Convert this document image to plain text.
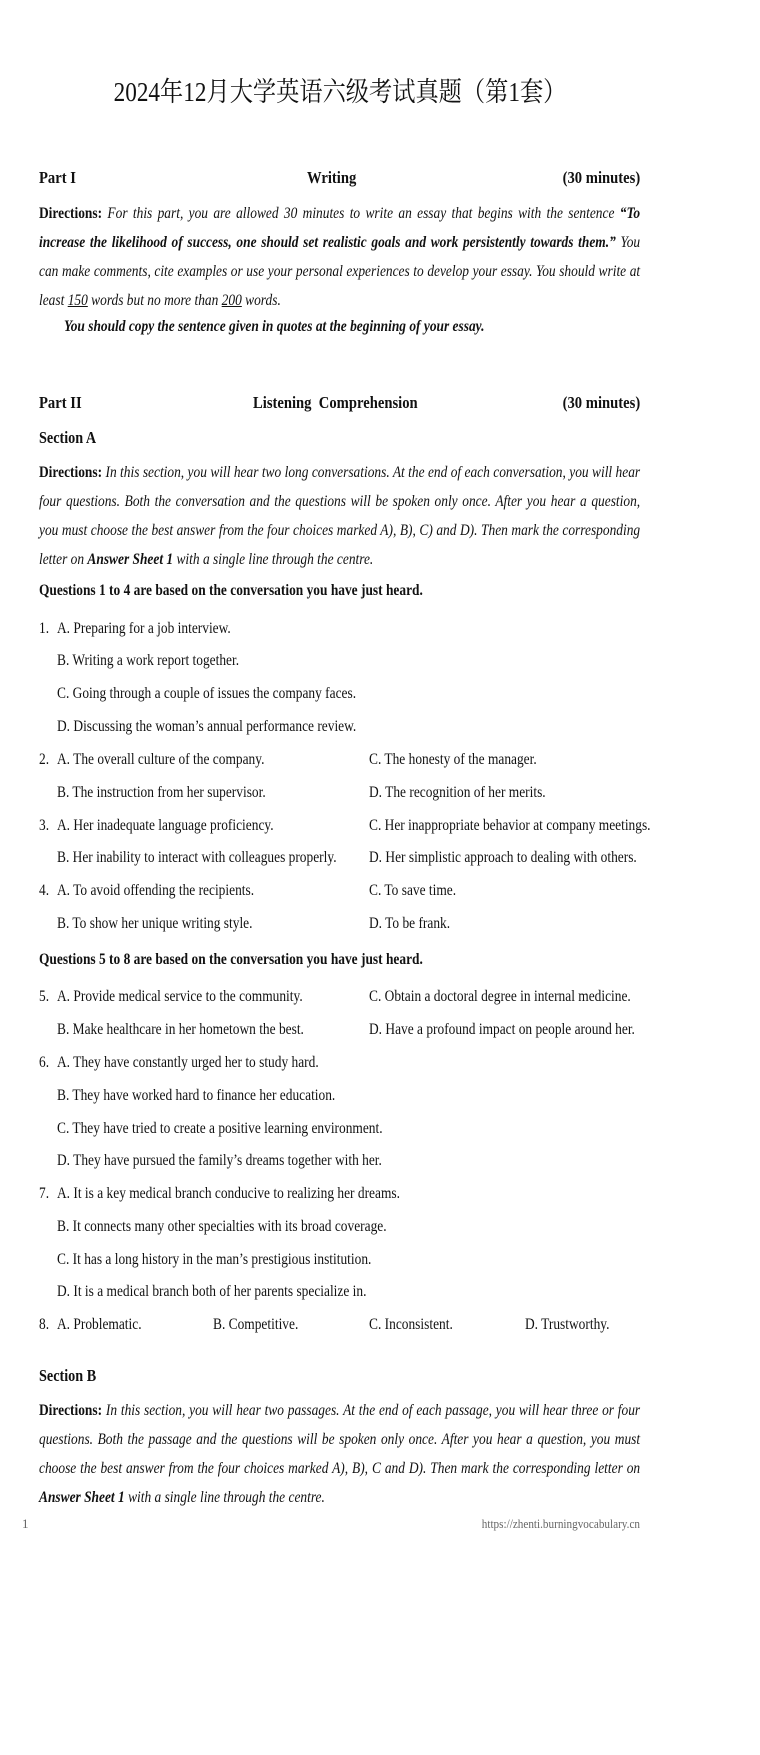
2024年12月大学英语六级考试真题（第1套）
Part I	Writing	(30 minutes)
Directions: For this part, you are allowed 30 minutes to write an essay that begins with the sentence “To increase the likelihood of success, one should set realistic goals and work persistently towards them.” You can make comments, cite examples or use your personal experiences to develop your essay. You should write at least 150 words but no more than 200 words.
You should copy the sentence given in quotes at the beginning of your essay.
Part II	Listening  Comprehension	(30 minutes)
Section A
Directions: In this section, you will hear two long conversations. At the end of each conversation, you will hear four questions. Both the conversation and the questions will be spoken only once. After you hear a question, you must choose the best answer from the four choices marked A), B), C) and D). Then mark the corresponding letter on Answer Sheet 1 with a single line through the centre.
Questions 1 to 4 are based on the conversation you have just heard.
1. A. Preparing for a job interview.
B. Writing a work report together.
C. Going through a couple of issues the company faces.
D. Discussing the woman’s annual performance review.
2. A. The overall culture of the company.	C. The honesty of the manager.
B. The instruction from her supervisor.	D. The recognition of her merits.
3. A. Her inadequate language proficiency.	C. Her inappropriate behavior at company meetings.
B. Her inability to interact with colleagues properly.	D. Her simplistic approach to dealing with others.
4. A. To avoid offending the recipients.	C. To save time.
B. To show her unique writing style.	D. To be frank.
Questions 5 to 8 are based on the conversation you have just heard.
5. A. Provide medical service to the community.	C. Obtain a doctoral degree in internal medicine.
B. Make healthcare in her hometown the best.	D. Have a profound impact on people around her.
6. A. They have constantly urged her to study hard.
B. They have worked hard to finance her education.
C. They have tried to create a positive learning environment.
D. They have pursued the family’s dreams together with her.
7. A. It is a key medical branch conducive to realizing her dreams.
B. It connects many other specialties with its broad coverage.
C. It has a long history in the man’s prestigious institution.
D. It is a medical branch both of her parents specialize in.
8. A. Problematic.	B. Competitive.	C. Inconsistent.	D. Trustworthy.
Section B
Directions: In this section, you will hear two passages. At the end of each passage, you will hear three or four questions. Both the passage and the questions will be spoken only once. After you hear a question, you must choose the best answer from the four choices marked A), B), C and D). Then mark the corresponding letter on Answer Sheet 1 with a single line through the centre.
1	https://zhenti.burningvocabulary.cn
